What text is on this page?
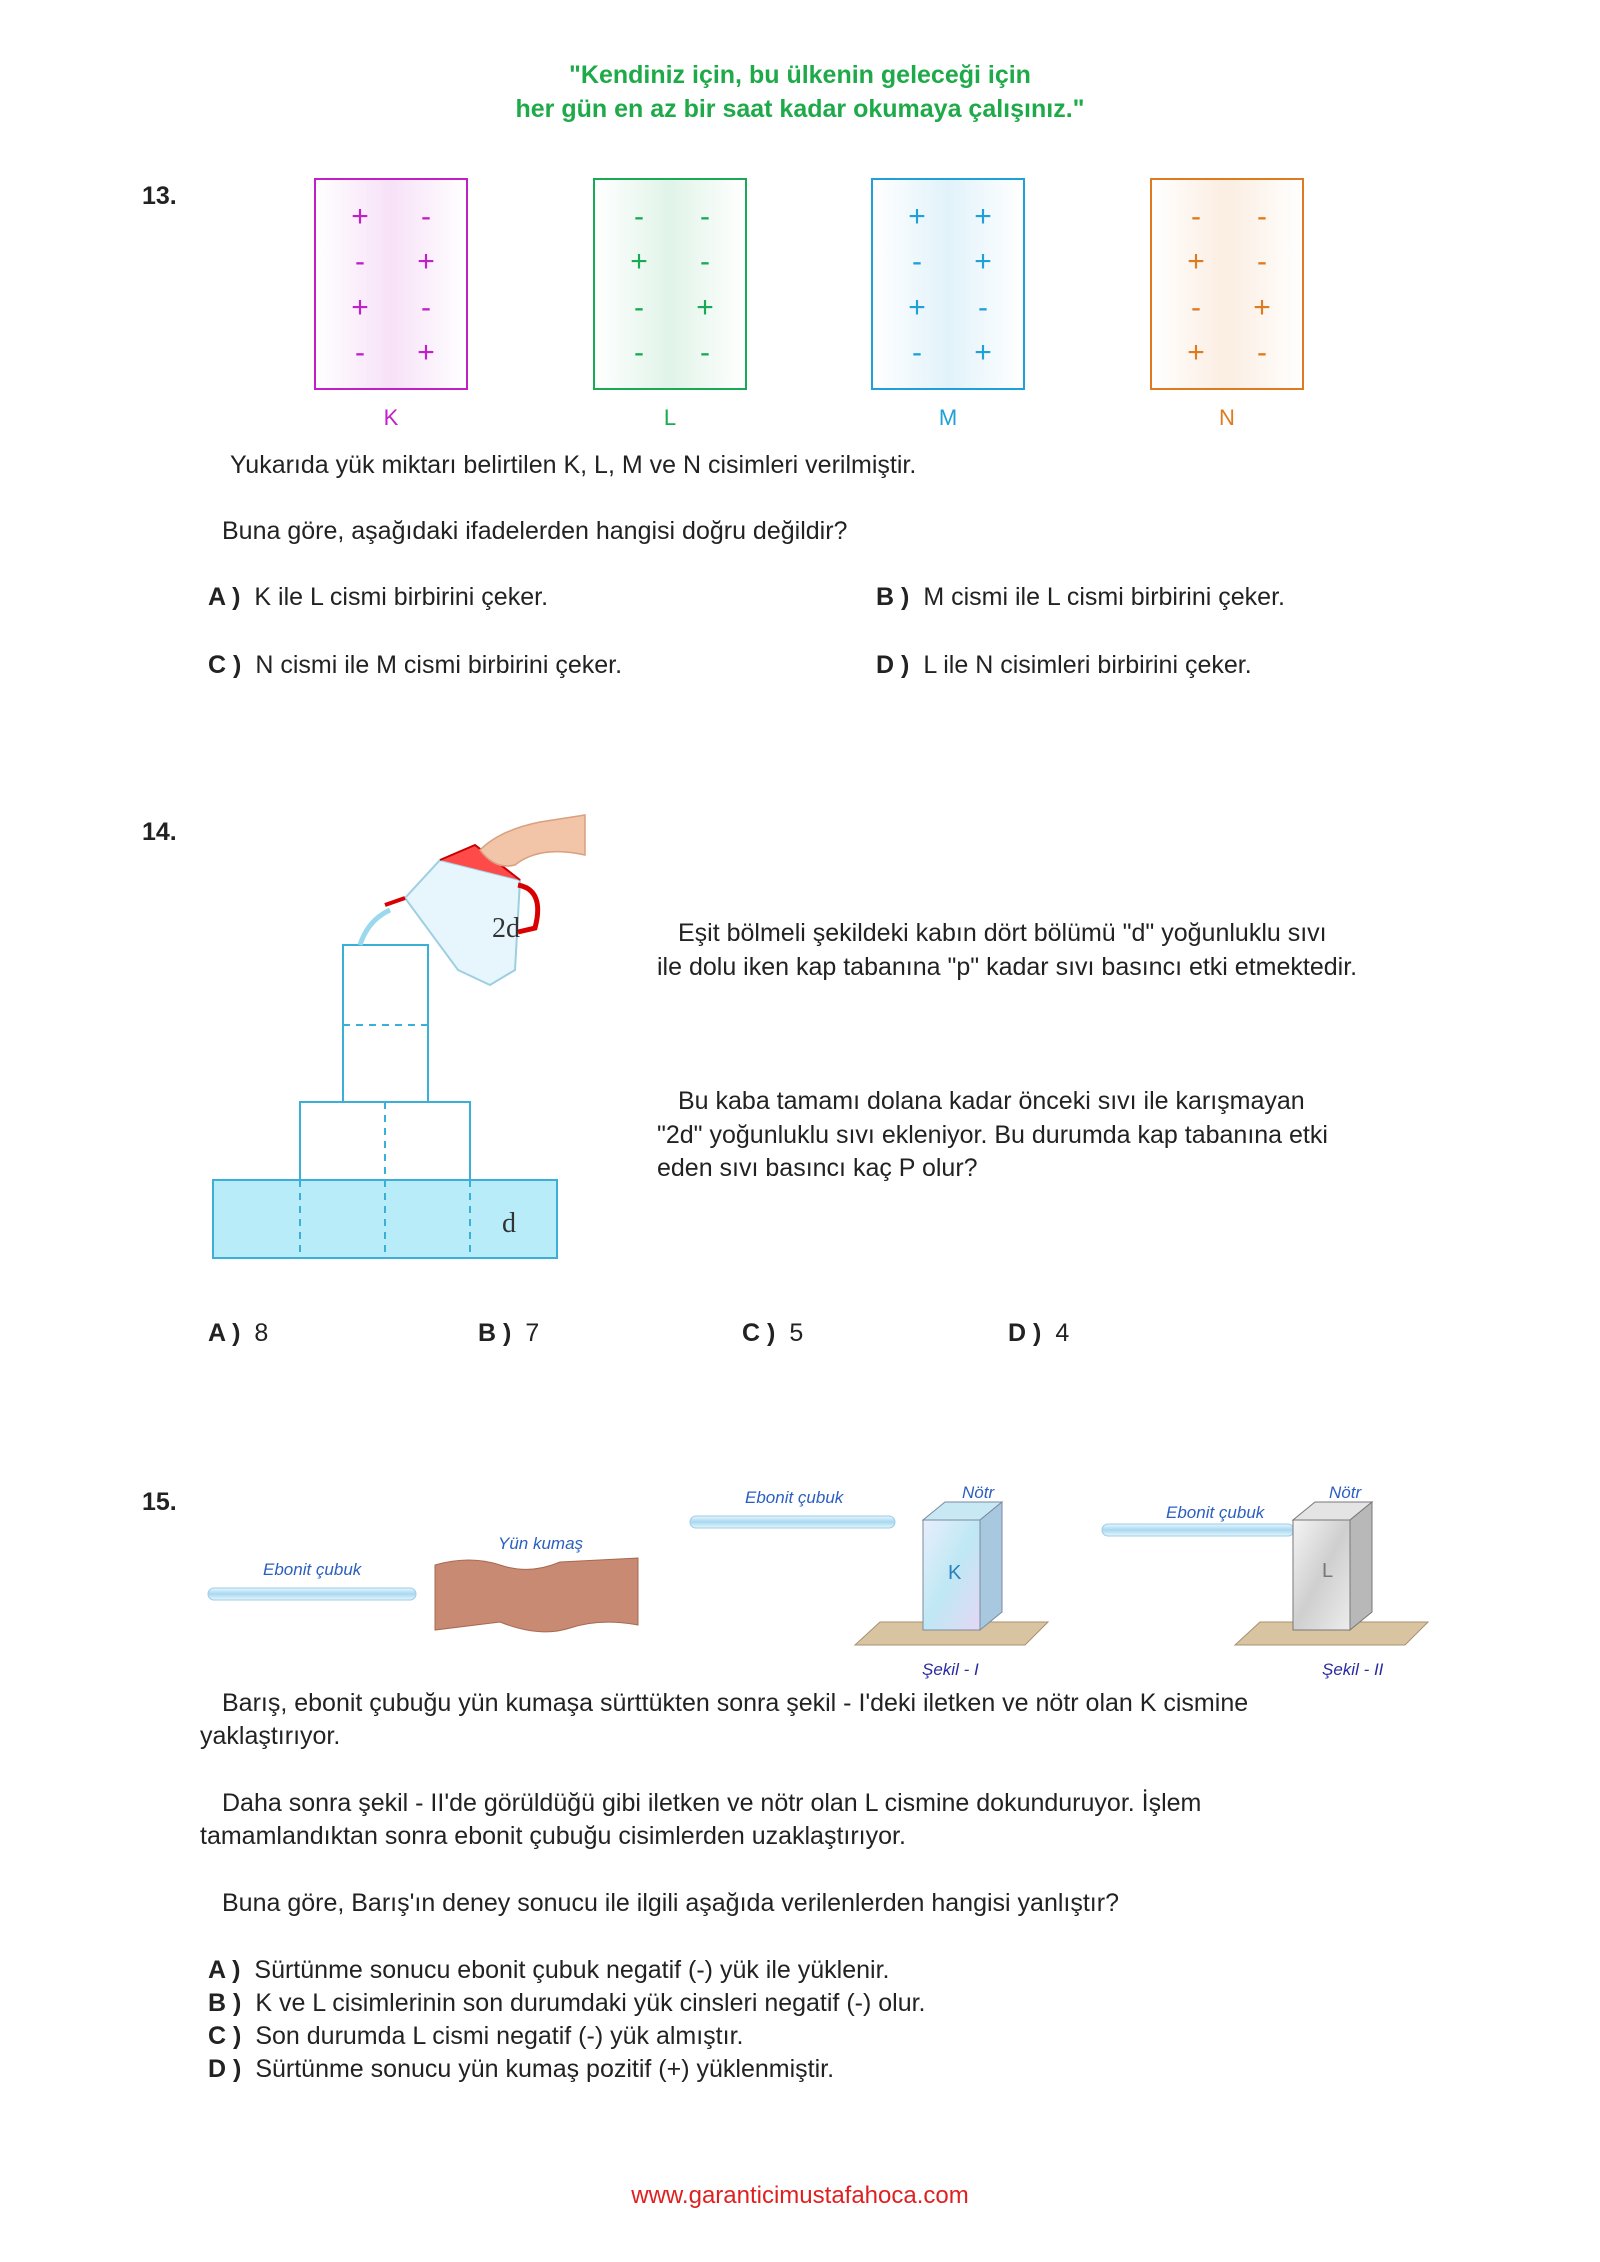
"Kendiniz için, bu ülkenin geleceği için
her gün en az bir saat kadar okumaya çalışınız."
13.
+	-
-	+
+	-
-	+
K
-	-
+	-
-	+
-	-
L
+ +
-	+
+	-
-	+
M
-	-
+	-
-	+
+	-
N
Yukarıda yük miktarı belirtilen K, L, M ve N cisimleri verilmiştir.
Buna göre, aşağıdaki ifadelerden hangisi doğru değildir?
A ) K ile L cismi birbirini çeker.	B ) M cismi ile L cismi birbirini çeker.
C ) N cismi ile M cismi birbirini çeker.	D ) L ile N cisimleri birbirini çeker.
14.
2d
d
Eşit bölmeli şekildeki kabın dört bölümü "d" yoğunluklu sıvı
ile dolu iken kap tabanına "p" kadar sıvı basıncı etki etmektedir.
Bu kaba tamamı dolana kadar önceki sıvı ile karışmayan
"2d" yoğunluklu sıvı ekleniyor. Bu durumda kap tabanına etki
eden sıvı basıncı kaç P olur?
A ) 8	B ) 7	C ) 5	D ) 4
15.
Ebonit çubuk
Yün kumaş
Ebonit çubuk	Nötr
Ebonit çubuk
Nötr
K	L
Şekil - I	Şekil - II
Barış, ebonit çubuğu yün kumaşa sürttükten sonra şekil - I'deki iletken ve nötr olan K cismine
yaklaştırıyor.
Daha sonra şekil - II'de görüldüğü gibi iletken ve nötr olan L cismine dokunduruyor. İşlem
tamamlandıktan sonra ebonit çubuğu cisimlerden uzaklaştırıyor.
Buna göre, Barış'ın deney sonucu ile ilgili aşağıda verilenlerden hangisi yanlıştır?
A ) Sürtünme sonucu ebonit çubuk negatif (-) yük ile yüklenir.
B ) K ve L cisimlerinin son durumdaki yük cinsleri negatif (-) olur.
C ) Son durumda L cismi negatif (-) yük almıştır.
D ) Sürtünme sonucu yün kumaş pozitif (+) yüklenmiştir.
www.garanticimustafahoca.com
